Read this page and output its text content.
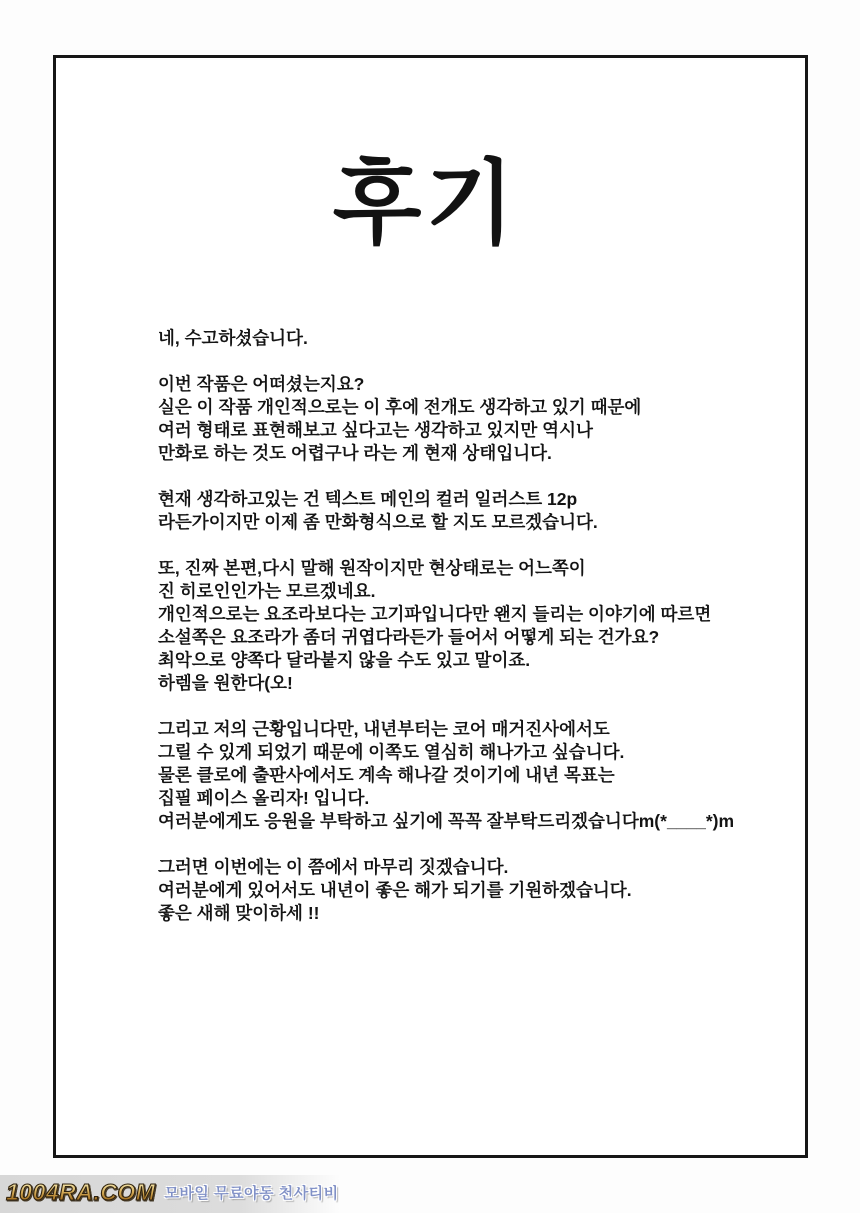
후기

네, 수고하셨습니다.

이번 작품은 어떠셨는지요?
실은 이 작품 개인적으로는 이 후에 전개도 생각하고 있기 때문에
여러 형태로 표현해보고 싶다고는 생각하고 있지만 역시나
만화로 하는 것도 어렵구나 라는 게 현재 상태입니다.

현재 생각하고있는 건 텍스트 메인의 컬러 일러스트 12p
라든가이지만 이제 좀 만화형식으로 할 지도 모르겠습니다.

또, 진짜 본편,다시 말해 원작이지만 현상태로는 어느쪽이
진 히로인인가는 모르겠네요.
개인적으로는 요조라보다는 고기파입니다만 왠지 들리는 이야기에 따르면
소설쪽은 요조라가 좀더 귀엽다라든가 들어서 어떻게 되는 건가요?
최악으로 양쪽다 달라붙지 않을 수도 있고 말이죠.
하렘을 원한다(오!

그리고 저의 근황입니다만, 내년부터는 코어 매거진사에서도
그릴 수 있게 되었기 때문에 이쪽도 열심히 해나가고 싶습니다.
물론 클로에 출판사에서도 계속 해나갈 것이기에 내년 목표는
집필 페이스 올리자! 입니다.
여러분에게도 응원을 부탁하고 싶기에 꼭꼭 잘부탁드리겠습니다m(*____*)m

그러면 이번에는 이 쯤에서 마무리 짓겠습니다.
여러분에게 있어서도 내년이 좋은 해가 되기를 기원하겠습니다.
좋은 새해 맞이하세 !!

1004RA.COM 모바일 무료야동 천사티비
